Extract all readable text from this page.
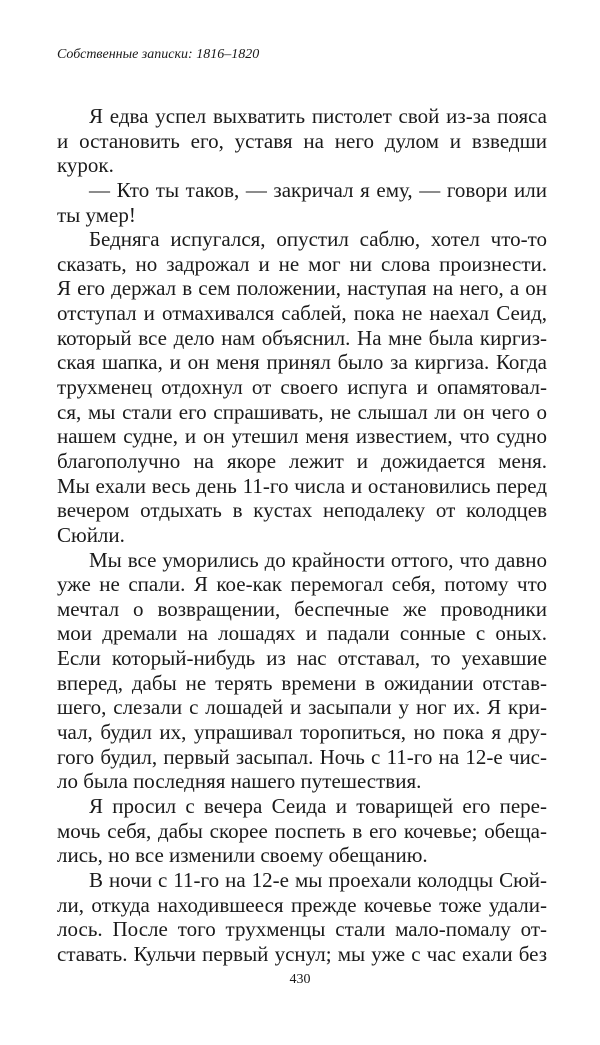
Собственные записки: 1816–1820
Я едва успел выхватить пистолет свой из-за пояса
и остановить его, уставя на него дулом и взведши
курок.
— Кто ты таков, — закричал я ему, — говори или
ты умер!
Бедняга испугался, опустил саблю, хотел что-то
сказать, но задрожал и не мог ни слова произнести.
Я его держал в сем положении, наступая на него, а он
отступал и отмахивался саблей, пока не наехал Сеид,
который все дело нам объяснил. На мне была киргиз-
ская шапка, и он меня принял было за киргиза. Когда
трухменец отдохнул от своего испуга и опамятовал-
ся, мы стали его спрашивать, не слышал ли он чего о
нашем судне, и он утешил меня известием, что судно
благополучно на якоре лежит и дожидается меня.
Мы ехали весь день 11-го числа и остановились перед
вечером отдыхать в кустах неподалеку от колодцев
Сюйли.
Мы все уморились до крайности оттого, что давно
уже не спали. Я кое-как перемогал себя, потому что
мечтал о возвращении, беспечные же проводники
мои дремали на лошадях и падали сонные с оных.
Если который-нибудь из нас отставал, то уехавшие
вперед, дабы не терять времени в ожидании отстав-
шего, слезали с лошадей и засыпали у ног их. Я кри-
чал, будил их, упрашивал торопиться, но пока я дру-
гого будил, первый засыпал. Ночь с 11-го на 12-е чис-
ло была последняя нашего путешествия.
Я просил с вечера Сеида и товарищей его пере-
мочь себя, дабы скорее поспеть в его кочевье; обеща-
лись, но все изменили своему обещанию.
В ночи с 11-го на 12-е мы проехали колодцы Сюй-
ли, откуда находившееся прежде кочевье тоже удали-
лось. После того трухменцы стали мало-помалу от-
ставать. Кульчи первый уснул; мы уже с час ехали без
430
